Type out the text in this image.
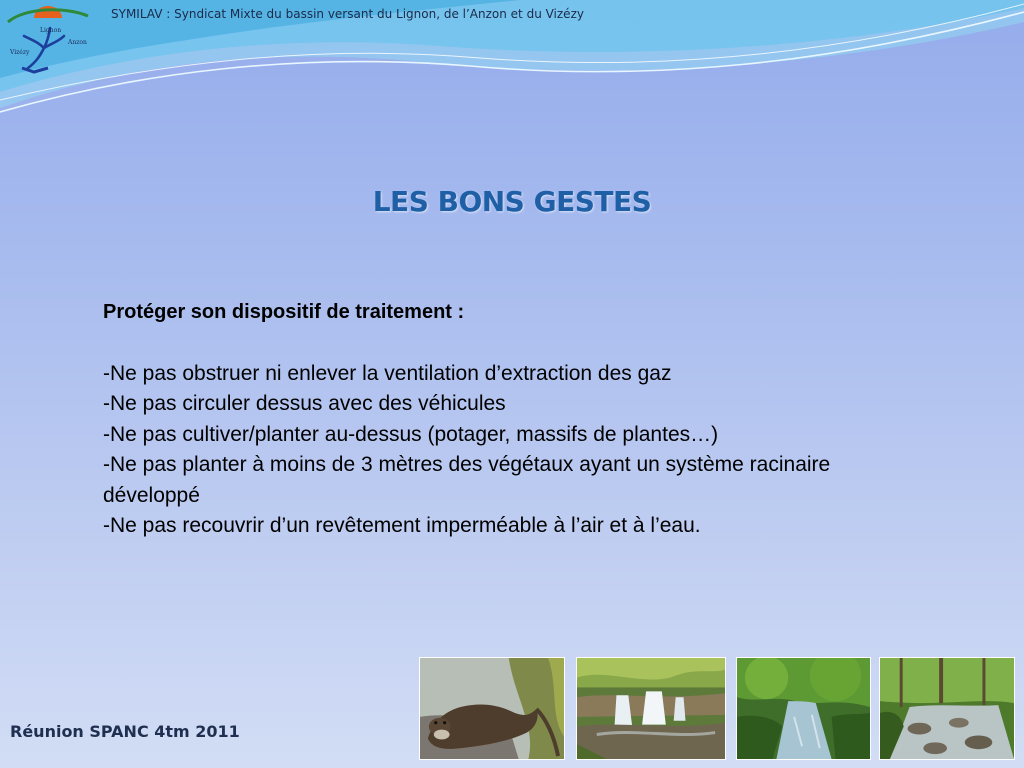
Lignon
Anzon
Vizézy
SYMILAV : Syndicat Mixte du bassin versant du Lignon, de l’Anzon et du Vizézy
LES BONS GESTES

Protéger son dispositif de traitement :

-Ne pas obstruer ni enlever la ventilation d’extraction des gaz
-Ne pas circuler dessus avec des véhicules
-Ne pas cultiver/planter au-dessus (potager, massifs de plantes…)
-Ne pas planter à moins de 3 mètres des végétaux ayant un système racinaire développé
-Ne pas recouvrir d’un revêtement imperméable à l’air et à l’eau.
Réunion SPANC 4tm 2011
